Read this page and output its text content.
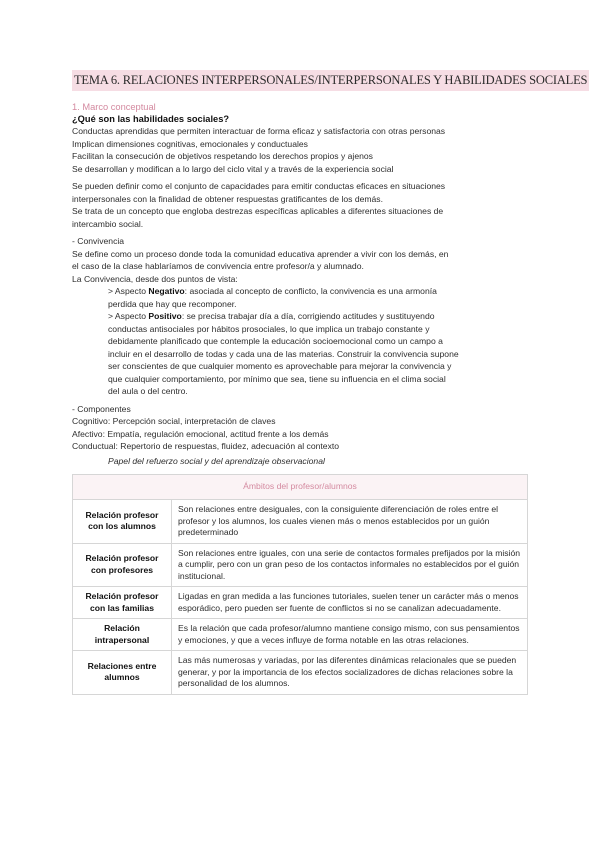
TEMA 6. RELACIONES INTERPERSONALES/INTERPERSONALES Y HABILIDADES SOCIALES
1. Marco conceptual
¿Qué son las habilidades sociales?
Conductas aprendidas que permiten interactuar de forma eficaz y satisfactoria con otras personas
Implican dimensiones cognitivas, emocionales y conductuales
Facilitan la consecución de objetivos respetando los derechos propios y ajenos
Se desarrollan y modifican a lo largo del ciclo vital y a través de la experiencia social
Se pueden definir como el conjunto de capacidades para emitir conductas eficaces en situaciones
interpersonales con la finalidad de obtener respuestas gratificantes de los demás.
Se trata de un concepto que engloba destrezas específicas aplicables a diferentes situaciones de
intercambio social.
- Convivencia
Se define como un proceso donde toda la comunidad educativa aprender a vivir con los demás, en
el caso de la clase hablaríamos de convivencia entre profesor/a y alumnado.
La Convivencia, desde dos puntos de vista:
> Aspecto Negativo: asociada al concepto de conflicto, la convivencia es una armonía
perdida que hay que recomponer.
> Aspecto Positivo: se precisa trabajar día a día, corrigiendo actitudes y sustituyendo
conductas antisociales por hábitos prosociales, lo que implica un trabajo constante y
debidamente planificado que contemple la educación socioemocional como un campo a
incluir en el desarrollo de todas y cada una de las materias. Construir la convivencia supone
ser conscientes de que cualquier momento es aprovechable para mejorar la convivencia y
que cualquier comportamiento, por mínimo que sea, tiene su influencia en el clima social
del aula o del centro.
- Componentes
Cognitivo: Percepción social, interpretación de claves
Afectivo: Empatía, regulación emocional, actitud frente a los demás
Conductual: Repertorio de respuestas, fluidez, adecuación al contexto
Papel del refuerzo social y del aprendizaje observacional
Ámbitos del profesor/alumnos	
Relación profesor con los alumnos	Son relaciones entre desiguales, con la consiguiente diferenciación de roles entre el profesor y los alumnos, los cuales vienen más o menos establecidos por un guión predeterminado
Relación profesor con profesores	Son relaciones entre iguales, con una serie de contactos formales prefijados por la misión a cumplir, pero con un gran peso de los contactos informales no establecidos por el guión institucional.
Relación profesor con las familias	Ligadas en gran medida a las funciones tutoriales, suelen tener un carácter más o menos esporádico, pero pueden ser fuente de conflictos si no se canalizan adecuadamente.
Relación intrapersonal	Es la relación que cada profesor/alumno mantiene consigo mismo, con sus pensamientos y emociones, y que a veces influye de forma notable en las otras relaciones.
Relaciones entre alumnos	Las más numerosas y variadas, por las diferentes dinámicas relacionales que se pueden generar, y por la importancia de los efectos socializadores de dichas relaciones sobre la personalidad de los alumnos.
